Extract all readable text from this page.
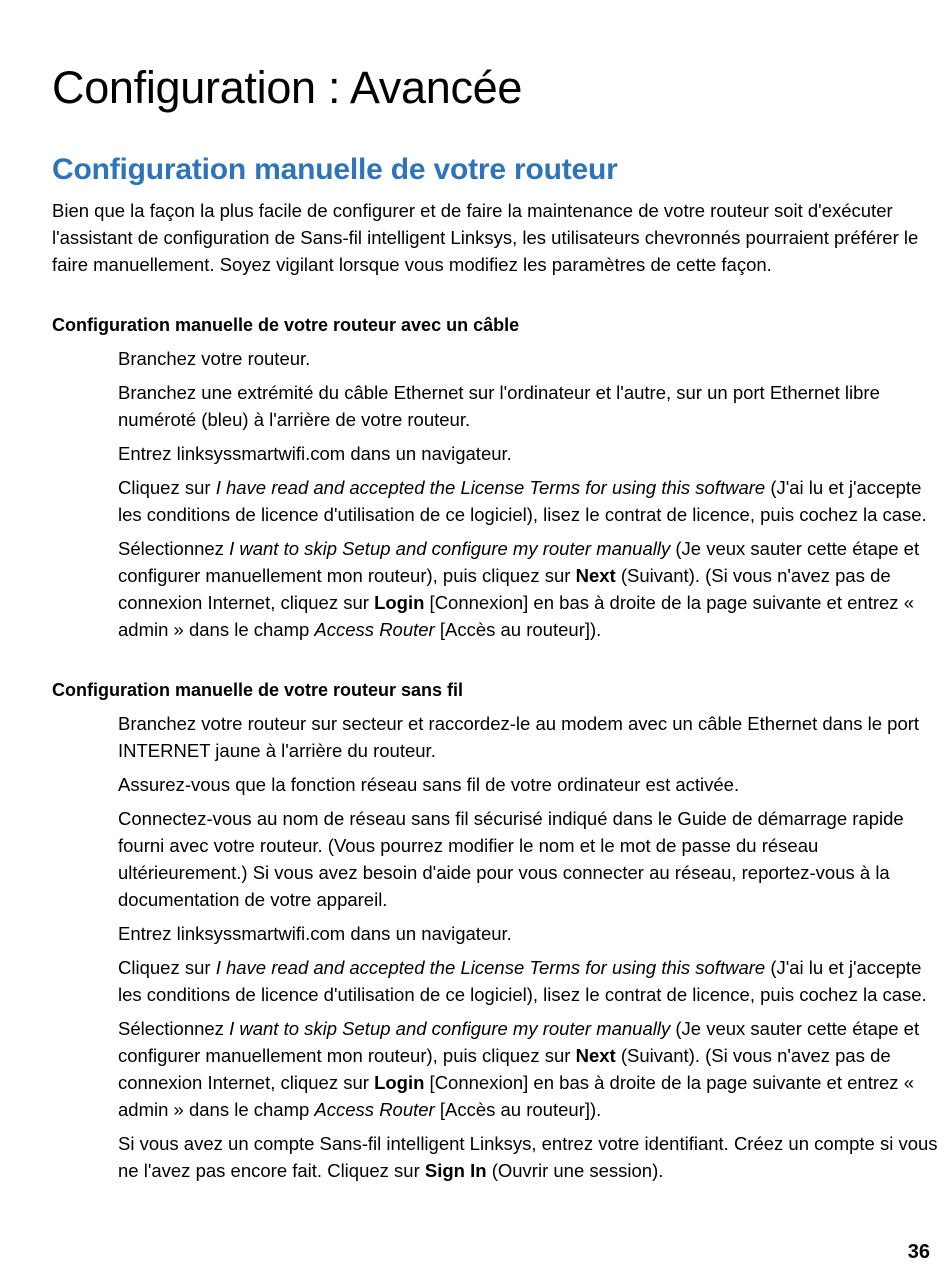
Configuration : Avancée
Configuration manuelle de votre routeur

Bien que la façon la plus facile de configurer et de faire la maintenance de votre routeur soit d'exécuter l'assistant de configuration de Sans-fil intelligent Linksys, les utilisateurs chevronnés pourraient préférer le faire manuellement. Soyez vigilant lorsque vous modifiez les paramètres de cette façon.

Configuration manuelle de votre routeur avec un câble
Branchez votre routeur.
Branchez une extrémité du câble Ethernet sur l'ordinateur et l'autre, sur un port Ethernet libre numéroté (bleu) à l'arrière de votre routeur.
Entrez linksyssmartwifi.com dans un navigateur.
Cliquez sur I have read and accepted the License Terms for using this software (J'ai lu et j'accepte les conditions de licence d'utilisation de ce logiciel), lisez le contrat de licence, puis cochez la case.
Sélectionnez I want to skip Setup and configure my router manually (Je veux sauter cette étape et configurer manuellement mon routeur), puis cliquez sur Next (Suivant). (Si vous n'avez pas de connexion Internet, cliquez sur Login [Connexion] en bas à droite de la page suivante et entrez « admin » dans le champ Access Router [Accès au routeur]).
Configuration manuelle de votre routeur sans fil
Branchez votre routeur sur secteur et raccordez-le au modem avec un câble Ethernet dans le port INTERNET jaune à l'arrière du routeur.
Assurez-vous que la fonction réseau sans fil de votre ordinateur est activée.
Connectez-vous au nom de réseau sans fil sécurisé indiqué dans le Guide de démarrage rapide fourni avec votre routeur. (Vous pourrez modifier le nom et le mot de passe du réseau ultérieurement.) Si vous avez besoin d'aide pour vous connecter au réseau, reportez-vous à la documentation de votre appareil.
Entrez linksyssmartwifi.com dans un navigateur.
Cliquez sur I have read and accepted the License Terms for using this software (J'ai lu et j'accepte les conditions de licence d'utilisation de ce logiciel), lisez le contrat de licence, puis cochez la case.
Sélectionnez I want to skip Setup and configure my router manually (Je veux sauter cette étape et configurer manuellement mon routeur), puis cliquez sur Next (Suivant). (Si vous n'avez pas de connexion Internet, cliquez sur Login [Connexion] en bas à droite de la page suivante et entrez « admin » dans le champ Access Router [Accès au routeur]).
Si vous avez un compte Sans-fil intelligent Linksys, entrez votre identifiant. Créez un compte si vous ne l'avez pas encore fait. Cliquez sur Sign In (Ouvrir une session).

36
